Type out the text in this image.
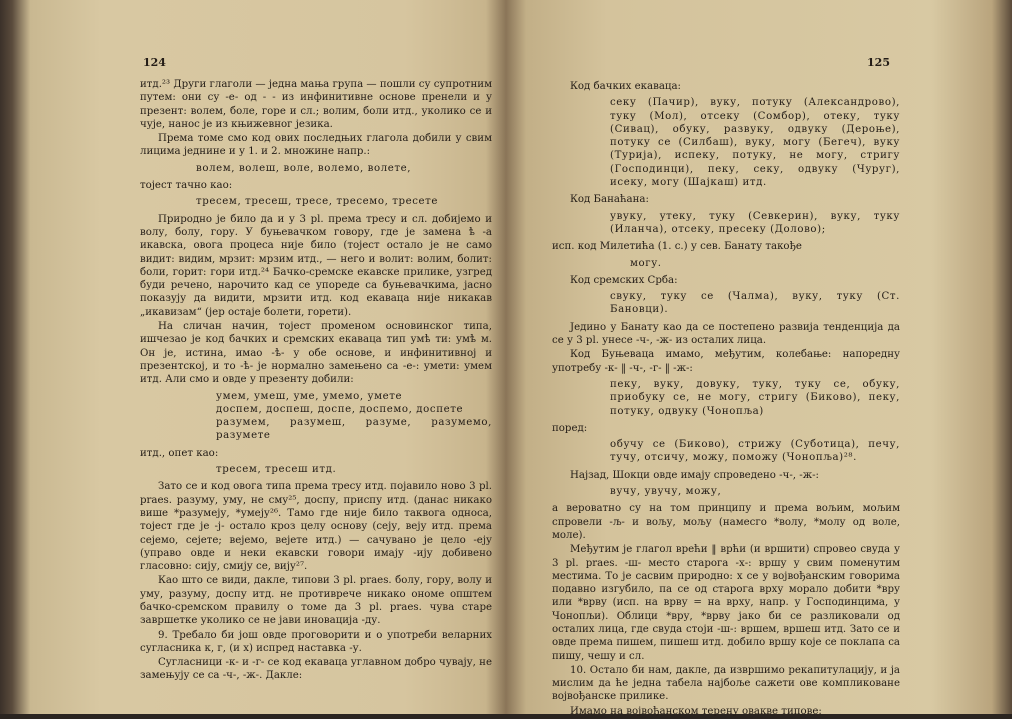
124
итд.²³ Други глаголи — једна мања група — пошли су супротним путем: они су -е- од - - из инфинитивне основе пренели и у презент: волем, боле, горе и сл.; волим, боли итд., уколико се и чује, нанос је из књижевног језика.
Према томе смо код ових последњих глагола добили у свим лицима једнине и у 1. и 2. множине напр.:
волем, волеш, воле, волемо, волете,
тојест тачно као:
тресем, тресеш, тресе, тресемо, тресете
Природно је било да и у 3 pl. према тресу и сл. добијемо и волу, болу, гору. У буњевачком говору, где је замена ѣ -а икавска, овога процеса није било (тојест остало је не само видит: видим, мрзит: мрзим итд., — него и волит: волим, болит: боли, горит: гори итд.²⁴ Бачко-сремске екавске прилике, узгред буди речено, нарочито кад се упореде са буњевачкима, јасно показују да видити, мрзити итд. код екаваца није никакав „икавизам“ (јер остаје болети, горети).
На сличан начин, тојест променом основинског типа, ишчезао је код бачких и сремских екаваца тип умѣ ти: умѣ м. Он је, истина, имао -ѣ- у обе основе, и инфинитивној и презентској, и то -ѣ- је нормално замењено са -е-: умети: умем итд. Али смо и овде у презенту добили:
умем, умеш, уме, умемо, умете
доспем, доспеш, доспе, доспемо, доспете
разумем, разумеш, разуме, разумемо, разумете
итд., опет као:
тресем, тресеш итд.
Зато се и код овога типа према тресу итд. појавило ново 3 pl. praes. разуму, уму, не сму²⁵, доспу, приспу итд. (данас никако више *разумеју, *умеју²⁶. Тамо где није било таквога односа, тојест где је -ј- остало кроз целу основу (сеју, веју итд. према сејемо, сејете; вејемо, вејете итд.) — сачувано је цело -еју (управо овде и неки екавски говори имају -ију добивено гласовно: сију, смију се, вију²⁷.
Као што се види, дакле, типови 3 pl. praes. болу, гору, волу и уму, разуму, доспу итд. не противрече никако ономе општем бачко-сремском правилу о томе да 3 pl. praes. чува старе завршетке уколико се не јави иновација -ду.
9. Требало би још овде проговорити и о употреби веларних сугласника к, г, (и х) испред наставка -у.
Сугласници -к- и -г- се код екаваца углавном добро чувају, не замењују се са -ч-, -ж-. Дакле:
125
Код бачких екаваца:
секу (Пачир), вуку, потуку (Александрово), туку (Мол), отсеку (Сомбор), отеку, туку (Сивац), обуку, развуку, одвуку (Дероње), потуку се (Силбаш), вуку, могу (Бегеч), вуку (Турија), испеку, потуку, не могу, стригу (Господинци), пеку, секу, одвуку (Чуруг), исеку, могу (Шајкаш) итд.
Код Банаћана:
увуку, утеку, туку (Севкерин), вуку, туку (Иланча), отсеку, пресеку (Долово);
исп. код Милетића (1. с.) у сев. Банату такође
могу.
Код сремских Срба:
свуку, туку се (Чалма), вуку, туку (Ст. Бановци).
Једино у Банату као да се постепено развија тенденција да се у 3 pl. унесе -ч-, -ж- из осталих лица.
Код Буњеваца имамо, међутим, колебање: напоредну употребу -к- ‖ -ч-, -г- ‖ -ж-:
пеку, вуку, довуку, туку, туку се, обуку, приобуку се, не могу, стригу (Биково), пеку, потуку, одвуку (Чонопља)
поред:
обучу се (Биково), стрижу (Суботица), печу, тучу, отсичу, можу, поможу (Чонопља)²⁸.
Најзад, Шокци овде имају спроведено -ч-, -ж-:
вучу, увучу, можу,
а вероватно су на том принципу и према вољим, мољим спровели -љ- и вољу, мољу (намесго *волу, *молу од воле, моле).
Међутим је глагол врећи ‖ врћи (и вршити) спровео свуда у 3 pl. praes. -ш- место старога -х-: вршу у свим поменутим местима. То је сасвим природно: х се у војвођанским говорима подавно изгубило, па се од старога врху морало добити *вру или *врву (исп. на врву = на врху, напр. у Господинцима, у Чонопљи). Облици *вру, *врву јако би се разликовали од осталих лица, где свуда стоји -ш-: вршем, вршеш итд. Зато се и овде према пишем, пишеш итд. добило вршу које се поклапа са пишу, чешу и сл.
10. Остало би нам, дакле, да извршимо рекапитулацију, и ја мислим да ће једна табела најбоље сажети ове компликоване војвођанске прилике.
Имамо на војвођанском терену овакве типове:
